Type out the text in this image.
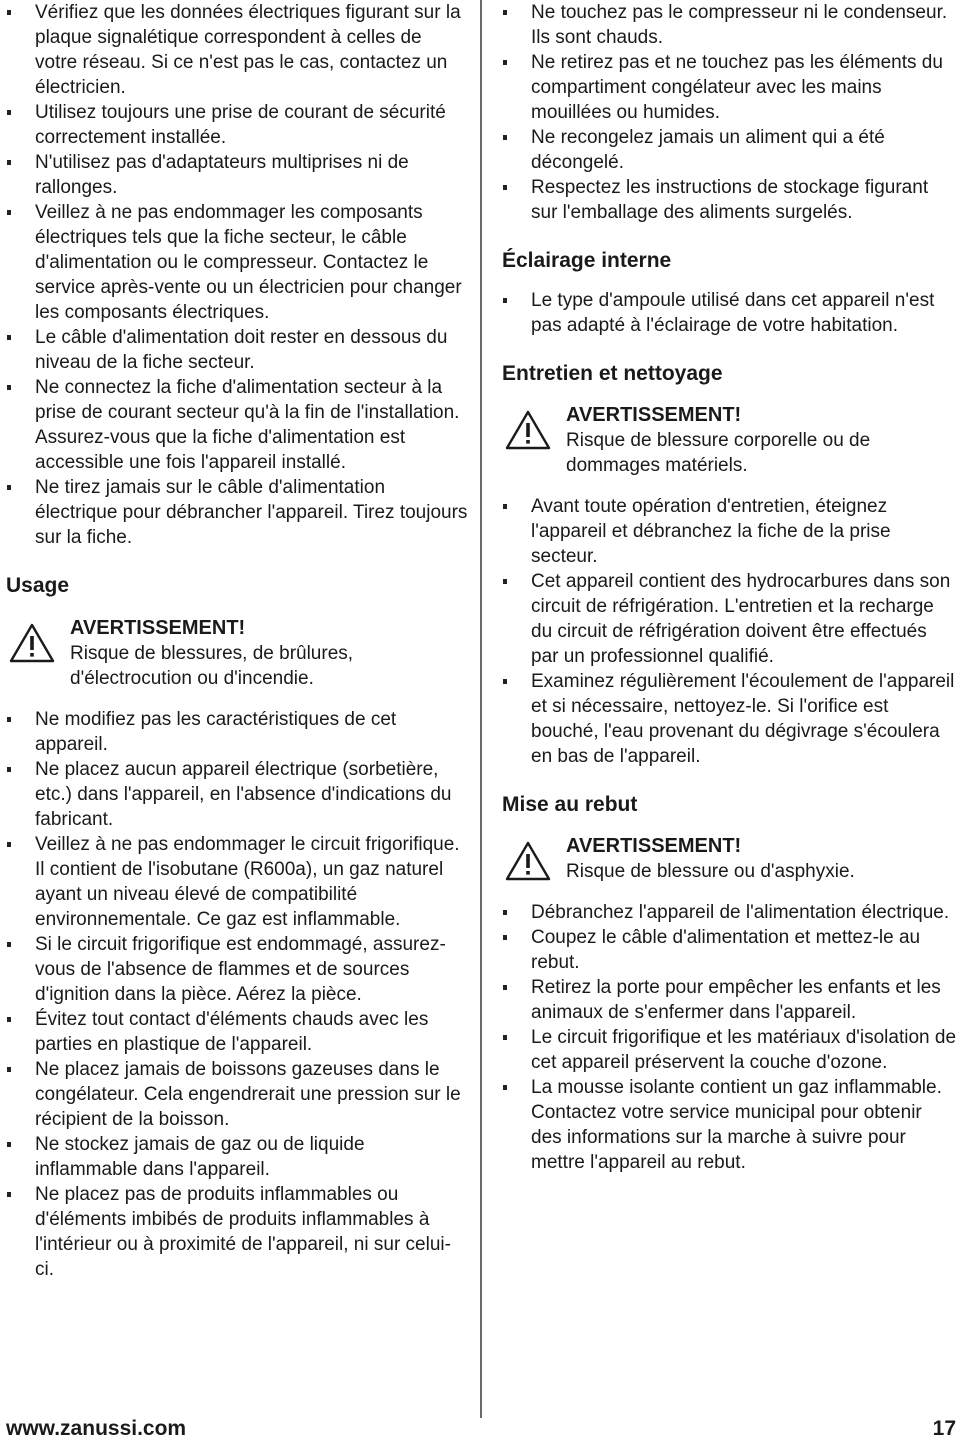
Vérifiez que les données électriques figurant sur la plaque signalétique correspondent à celles de votre réseau. Si ce n'est pas le cas, contactez un électricien.
Utilisez toujours une prise de courant de sécurité correctement installée.
N'utilisez pas d'adaptateurs multiprises ni de rallonges.
Veillez à ne pas endommager les composants électriques tels que la fiche secteur, le câble d'alimentation ou le compresseur. Contactez le service après-vente ou un électricien pour changer les composants électriques.
Le câble d'alimentation doit rester en dessous du niveau de la fiche secteur.
Ne connectez la fiche d'alimentation secteur à la prise de courant secteur qu'à la fin de l'installation. Assurez-vous que la fiche d'alimentation est accessible une fois l'appareil installé.
Ne tirez jamais sur le câble d'alimentation électrique pour débrancher l'appareil. Tirez toujours sur la fiche.
Usage
AVERTISSEMENT!
Risque de blessures, de brûlures, d'électrocution ou d'incendie.
Ne modifiez pas les caractéristiques de cet appareil.
Ne placez aucun appareil électrique (sorbetière, etc.) dans l'appareil, en l'absence d'indications du fabricant.
Veillez à ne pas endommager le circuit frigorifique. Il contient de l'isobutane (R600a), un gaz naturel ayant un niveau élevé de compatibilité environnementale. Ce gaz est inflammable.
Si le circuit frigorifique est endommagé, assurez-vous de l'absence de flammes et de sources d'ignition dans la pièce. Aérez la pièce.
Évitez tout contact d'éléments chauds avec les parties en plastique de l'appareil.
Ne placez jamais de boissons gazeuses dans le congélateur. Cela engendrerait une pression sur le récipient de la boisson.
Ne stockez jamais de gaz ou de liquide inflammable dans l'appareil.
Ne placez pas de produits inflammables ou d'éléments imbibés de produits inflammables à l'intérieur ou à proximité de l'appareil, ni sur celui-ci.
Ne touchez pas le compresseur ni le condenseur. Ils sont chauds.
Ne retirez pas et ne touchez pas les éléments du compartiment congélateur avec les mains mouillées ou humides.
Ne recongelez jamais un aliment qui a été décongelé.
Respectez les instructions de stockage figurant sur l'emballage des aliments surgelés.
Éclairage interne
Le type d'ampoule utilisé dans cet appareil n'est pas adapté à l'éclairage de votre habitation.
Entretien et nettoyage
AVERTISSEMENT!
Risque de blessure corporelle ou de dommages matériels.
Avant toute opération d'entretien, éteignez l'appareil et débranchez la fiche de la prise secteur.
Cet appareil contient des hydrocarbures dans son circuit de réfrigération. L'entretien et la recharge du circuit de réfrigération doivent être effectués par un professionnel qualifié.
Examinez régulièrement l'écoulement de l'appareil et si nécessaire, nettoyez-le. Si l'orifice est bouché, l'eau provenant du dégivrage s'écoulera en bas de l'appareil.
Mise au rebut
AVERTISSEMENT!
Risque de blessure ou d'asphyxie.
Débranchez l'appareil de l'alimentation électrique.
Coupez le câble d'alimentation et mettez-le au rebut.
Retirez la porte pour empêcher les enfants et les animaux de s'enfermer dans l'appareil.
Le circuit frigorifique et les matériaux d'isolation de cet appareil préservent la couche d'ozone.
La mousse isolante contient un gaz inflammable. Contactez votre service municipal pour obtenir des informations sur la marche à suivre pour mettre l'appareil au rebut.
www.zanussi.com	17
